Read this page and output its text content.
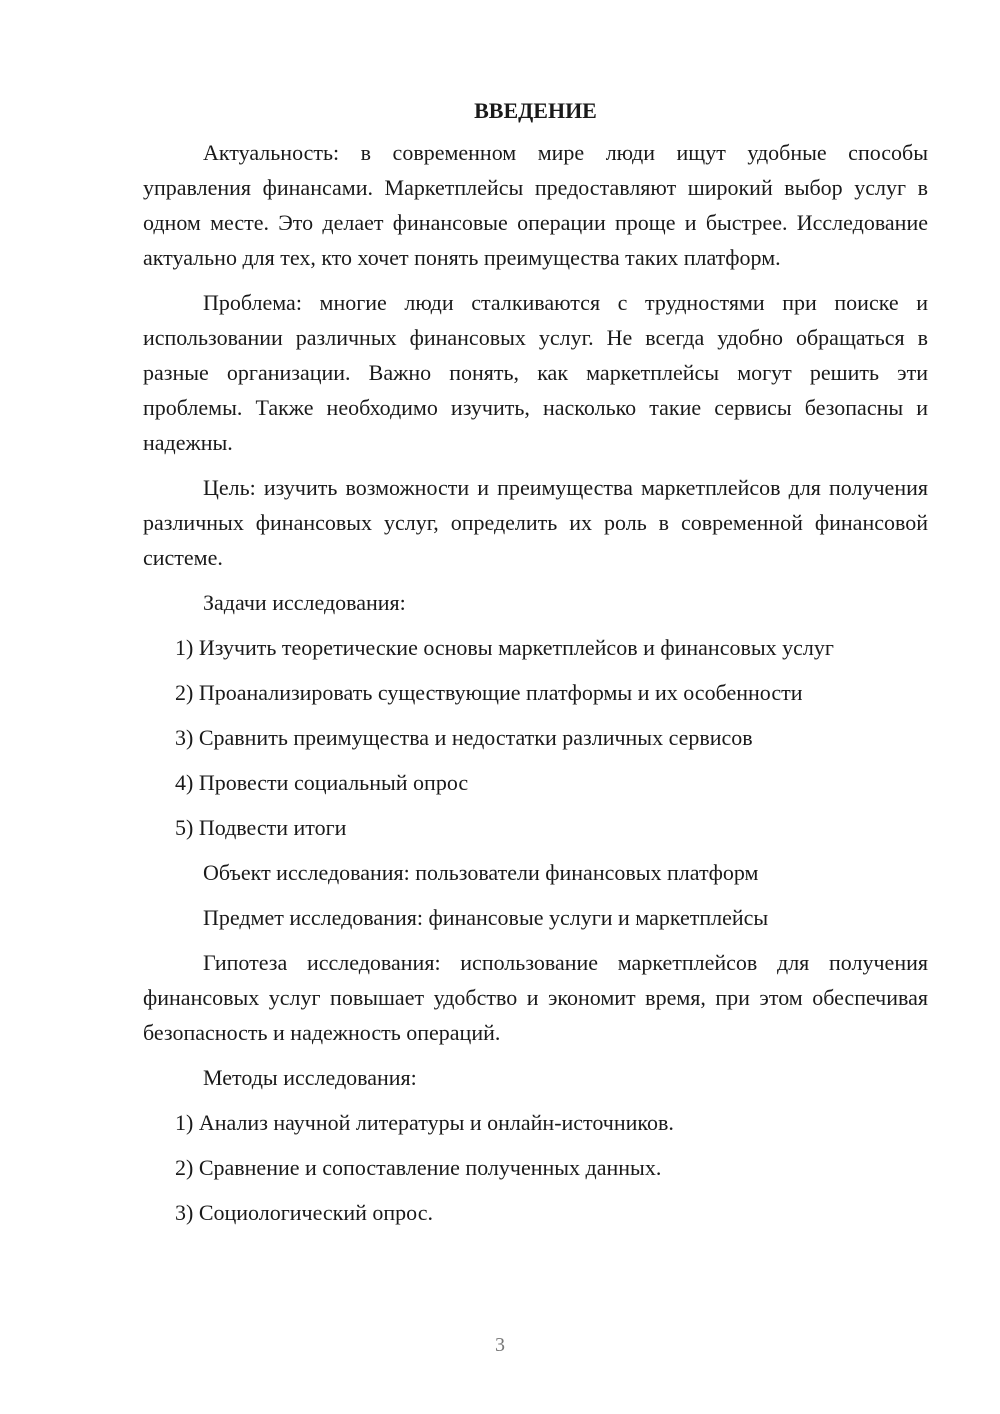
ВВЕДЕНИЕ

Актуальность: в современном мире люди ищут удобные способы управления финансами. Маркетплейсы предоставляют широкий выбор услуг в одном месте. Это делает финансовые операции проще и быстрее. Исследование актуально для тех, кто хочет понять преимущества таких платформ.

Проблема: многие люди сталкиваются с трудностями при поиске и использовании различных финансовых услуг. Не всегда удобно обращаться в разные организации. Важно понять, как маркетплейсы могут решить эти проблемы. Также необходимо изучить, насколько такие сервисы безопасны и надежны.

Цель: изучить возможности и преимущества маркетплейсов для получения различных финансовых услуг, определить их роль в современной финансовой системе.

Задачи исследования:
1) Изучить теоретические основы маркетплейсов и финансовых услуг
2) Проанализировать существующие платформы и их особенности
3) Сравнить преимущества и недостатки различных сервисов
4) Провести социальный опрос
5) Подвести итоги
Объект исследования: пользователи финансовых платформ
Предмет исследования: финансовые услуги и маркетплейсы

Гипотеза исследования: использование маркетплейсов для получения финансовых услуг повышает удобство и экономит время, при этом обеспечивая безопасность и надежность операций.

Методы исследования:
1) Анализ научной литературы и онлайн-источников.
2) Сравнение и сопоставление полученных данных.
3) Социологический опрос.
3
